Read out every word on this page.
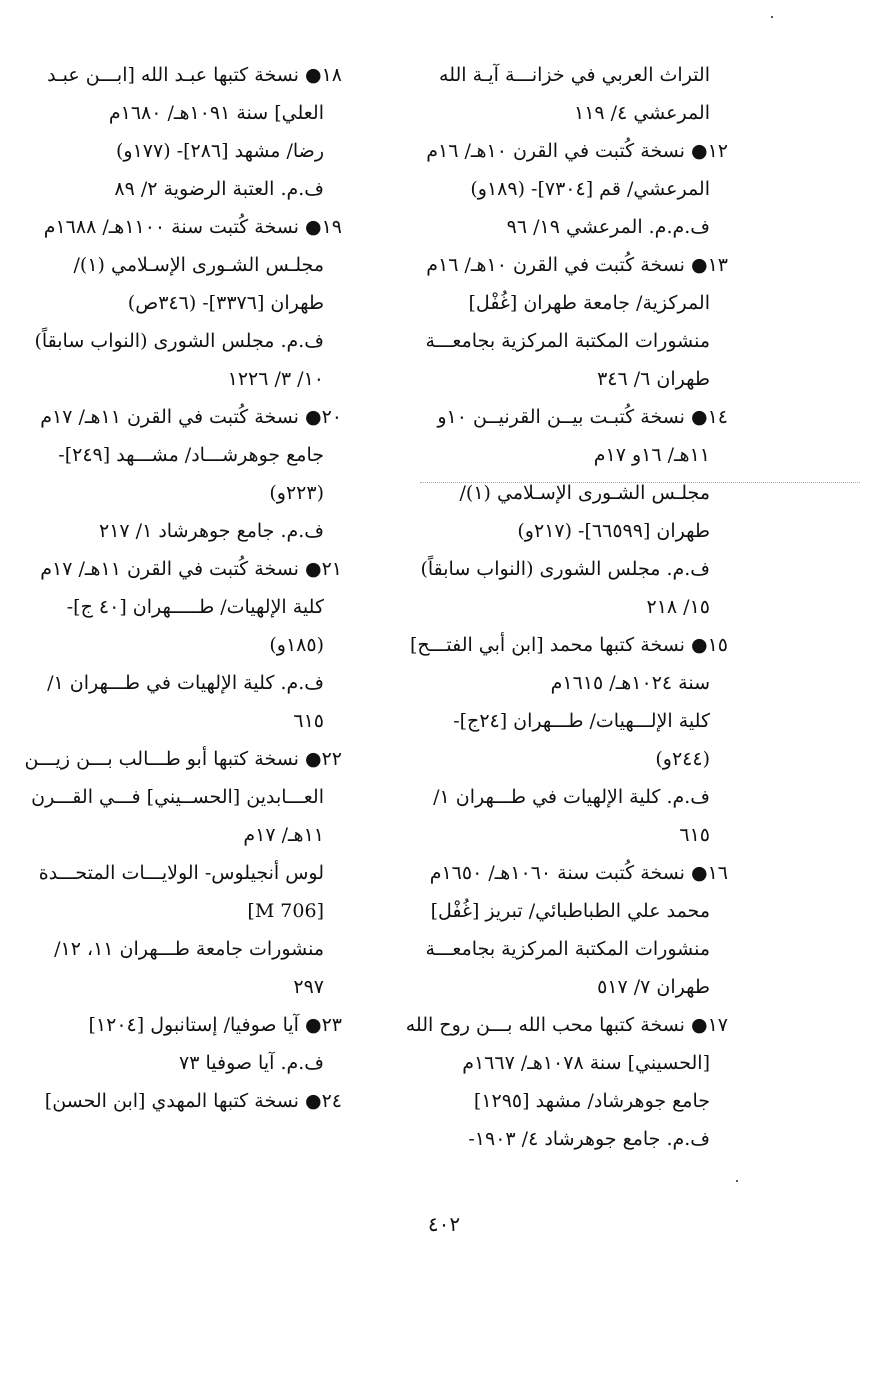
التراث العربي في خزانـــة آيـة الله
المرعشي ٤/ ١١٩
١٢● نسخة كُتبت في القرن ١٠هـ/ ١٦م
المرعشي/ قم [٧٣٠٤]- (١٨٩و)
ف.م.م. المرعشي ١٩/ ٩٦
١٣● نسخة كُتبت في القرن ١٠هـ/ ١٦م
المركزية/ جامعة طهران [غُفْل]
منشورات المكتبة المركزية بجامعـــة
طهران ٦/ ٣٤٦
١٤● نسخة كُتبـت بيــن القرنيــن ١٠و
١١هـ/ ١٦و ١٧م
مجلـس الشـورى الإسـلامي (١)/
طهران [٦٦٥٩٩]- (٢١٧و)
ف.م. مجلس الشورى (النواب سابقاً)
١٥/ ٢١٨
١٥● نسخة كتبها محمد [ابن أبي الفتـــح]
سنة ١٠٢٤هـ/ ١٦١٥م
كلية الإلـــهيات/ طـــهران [٢٤ج]-
(٢٤٤و)
ف.م. كلية الإلهيات في طـــهران ١/
٦١٥
١٦● نسخة كُتبت سنة ١٠٦٠هـ/ ١٦٥٠م
محمد علي الطباطبائي/ تبريز [غُفْل]
منشورات المكتبة المركزية بجامعـــة
طهران ٧/ ٥١٧
١٧● نسخة كتبها محب الله بـــن روح الله
[الحسيني] سنة ١٠٧٨هـ/ ١٦٦٧م
جامع جوهرشاد/ مشهد [١٢٩٥]
ف.م. جامع جوهرشاد ٤/ ١٩٠٣-
١٨● نسخة كتبها عبـد الله [ابـــن عبـد
العلي] سنة ١٠٩١هـ/ ١٦٨٠م
رضا/ مشهد [٢٨٦]- (١٧٧و)
ف.م. العتبة الرضوية ٢/ ٨٩
١٩● نسخة كُتبت سنة ١١٠٠هـ/ ١٦٨٨م
مجلـس الشـورى الإسـلامي (١)/
طهران [٣٣٧٦]- (٣٤٦ص)
ف.م. مجلس الشورى (النواب سابقاً)
١٠/ ٣/ ١٢٢٦
٢٠● نسخة كُتبت في القرن ١١هـ/ ١٧م
جامع جوهرشـــاد/ مشـــهد [٢٤٩]-
(٢٢٣و)
ف.م. جامع جوهرشاد ١/ ٢١٧
٢١● نسخة كُتبت في القرن ١١هـ/ ١٧م
كلية الإلهيات/ طـــــهران [٤٠ ج]-
(١٨٥و)
ف.م. كلية الإلهيات في طـــهران ١/
٦١٥
٢٢● نسخة كتبها أبو طـــالب بـــن زيـــن
العـــابدين [الحســيني] فـــي القـــرن
١١هـ/ ١٧م
لوس أنجيلوس- الولايـــات المتحـــدة
[M 706]
منشورات جامعة طـــهران ١١، ١٢/
٢٩٧
٢٣● آيا صوفيا/ إستانبول [١٢٠٤]
ف.م. آيا صوفيا ٧٣
٢٤● نسخة كتبها المهدي [ابن الحسن]
٤٠٢
